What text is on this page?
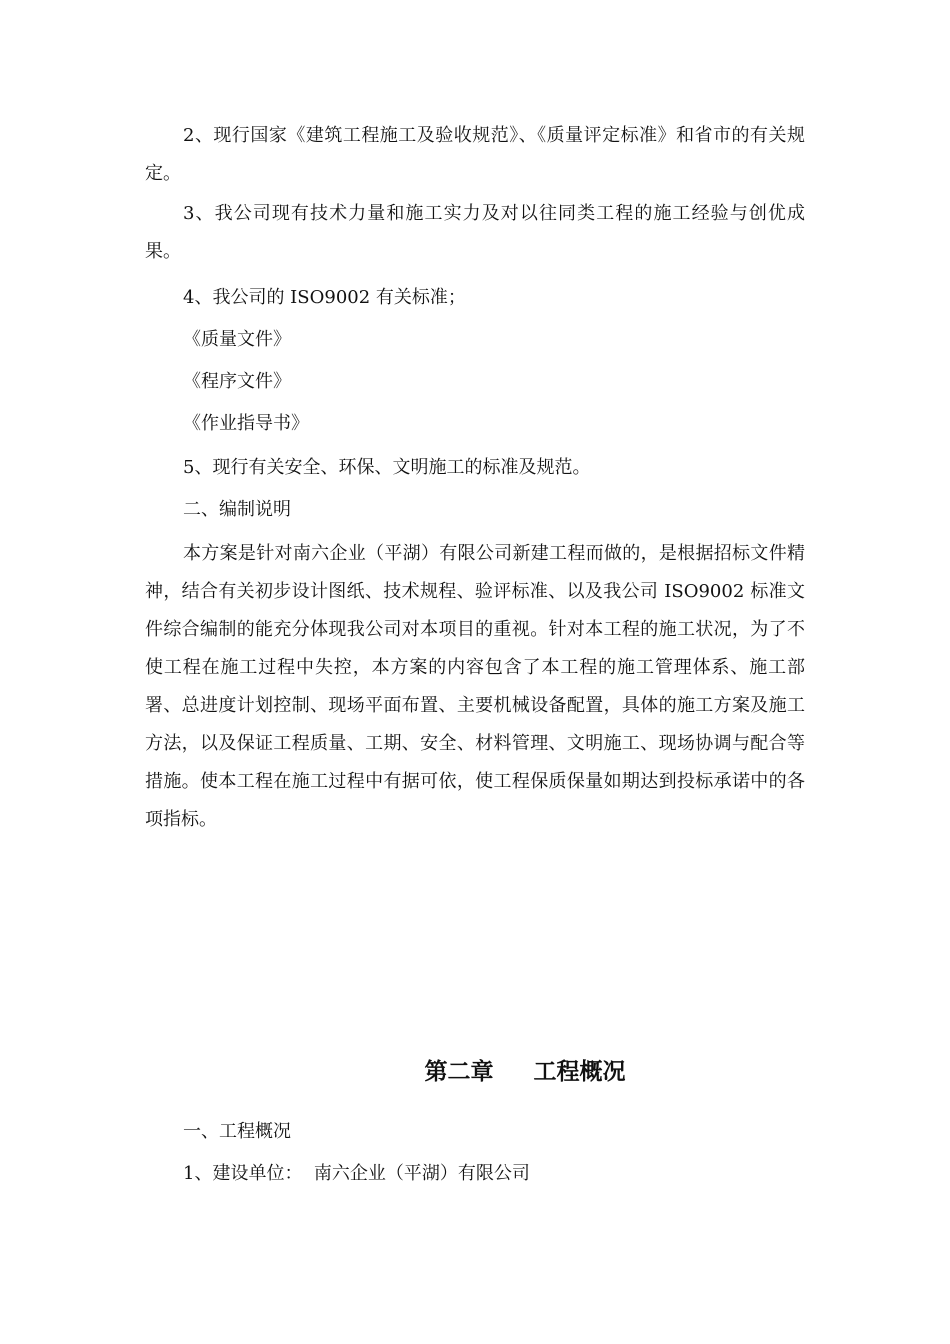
2、现行国家《建筑工程施工及验收规范》、《质量评定标准》和省市的有关规定。

3、我公司现有技术力量和施工实力及对以往同类工程的施工经验与创优成果。

4、我公司的 ISO9002 有关标准；

《质量文件》

《程序文件》

《作业指导书》

5、现行有关安全、环保、文明施工的标准及规范。

二、编制说明

本方案是针对南六企业（平湖）有限公司新建工程而做的，是根据招标文件精神，结合有关初步设计图纸、技术规程、验评标准、以及我公司 ISO9002 标准文件综合编制的能充分体现我公司对本项目的重视。针对本工程的施工状况，为了不使工程在施工过程中失控，本方案的内容包含了本工程的施工管理体系、施工部署、总进度计划控制、现场平面布置、主要机械设备配置，具体的施工方案及施工方法，以及保证工程质量、工期、安全、材料管理、文明施工、现场协调与配合等措施。使本工程在施工过程中有据可依，使工程保质保量如期达到投标承诺中的各项指标。

第二章 工程概况

一、工程概况

1、建设单位：  南六企业（平湖）有限公司
